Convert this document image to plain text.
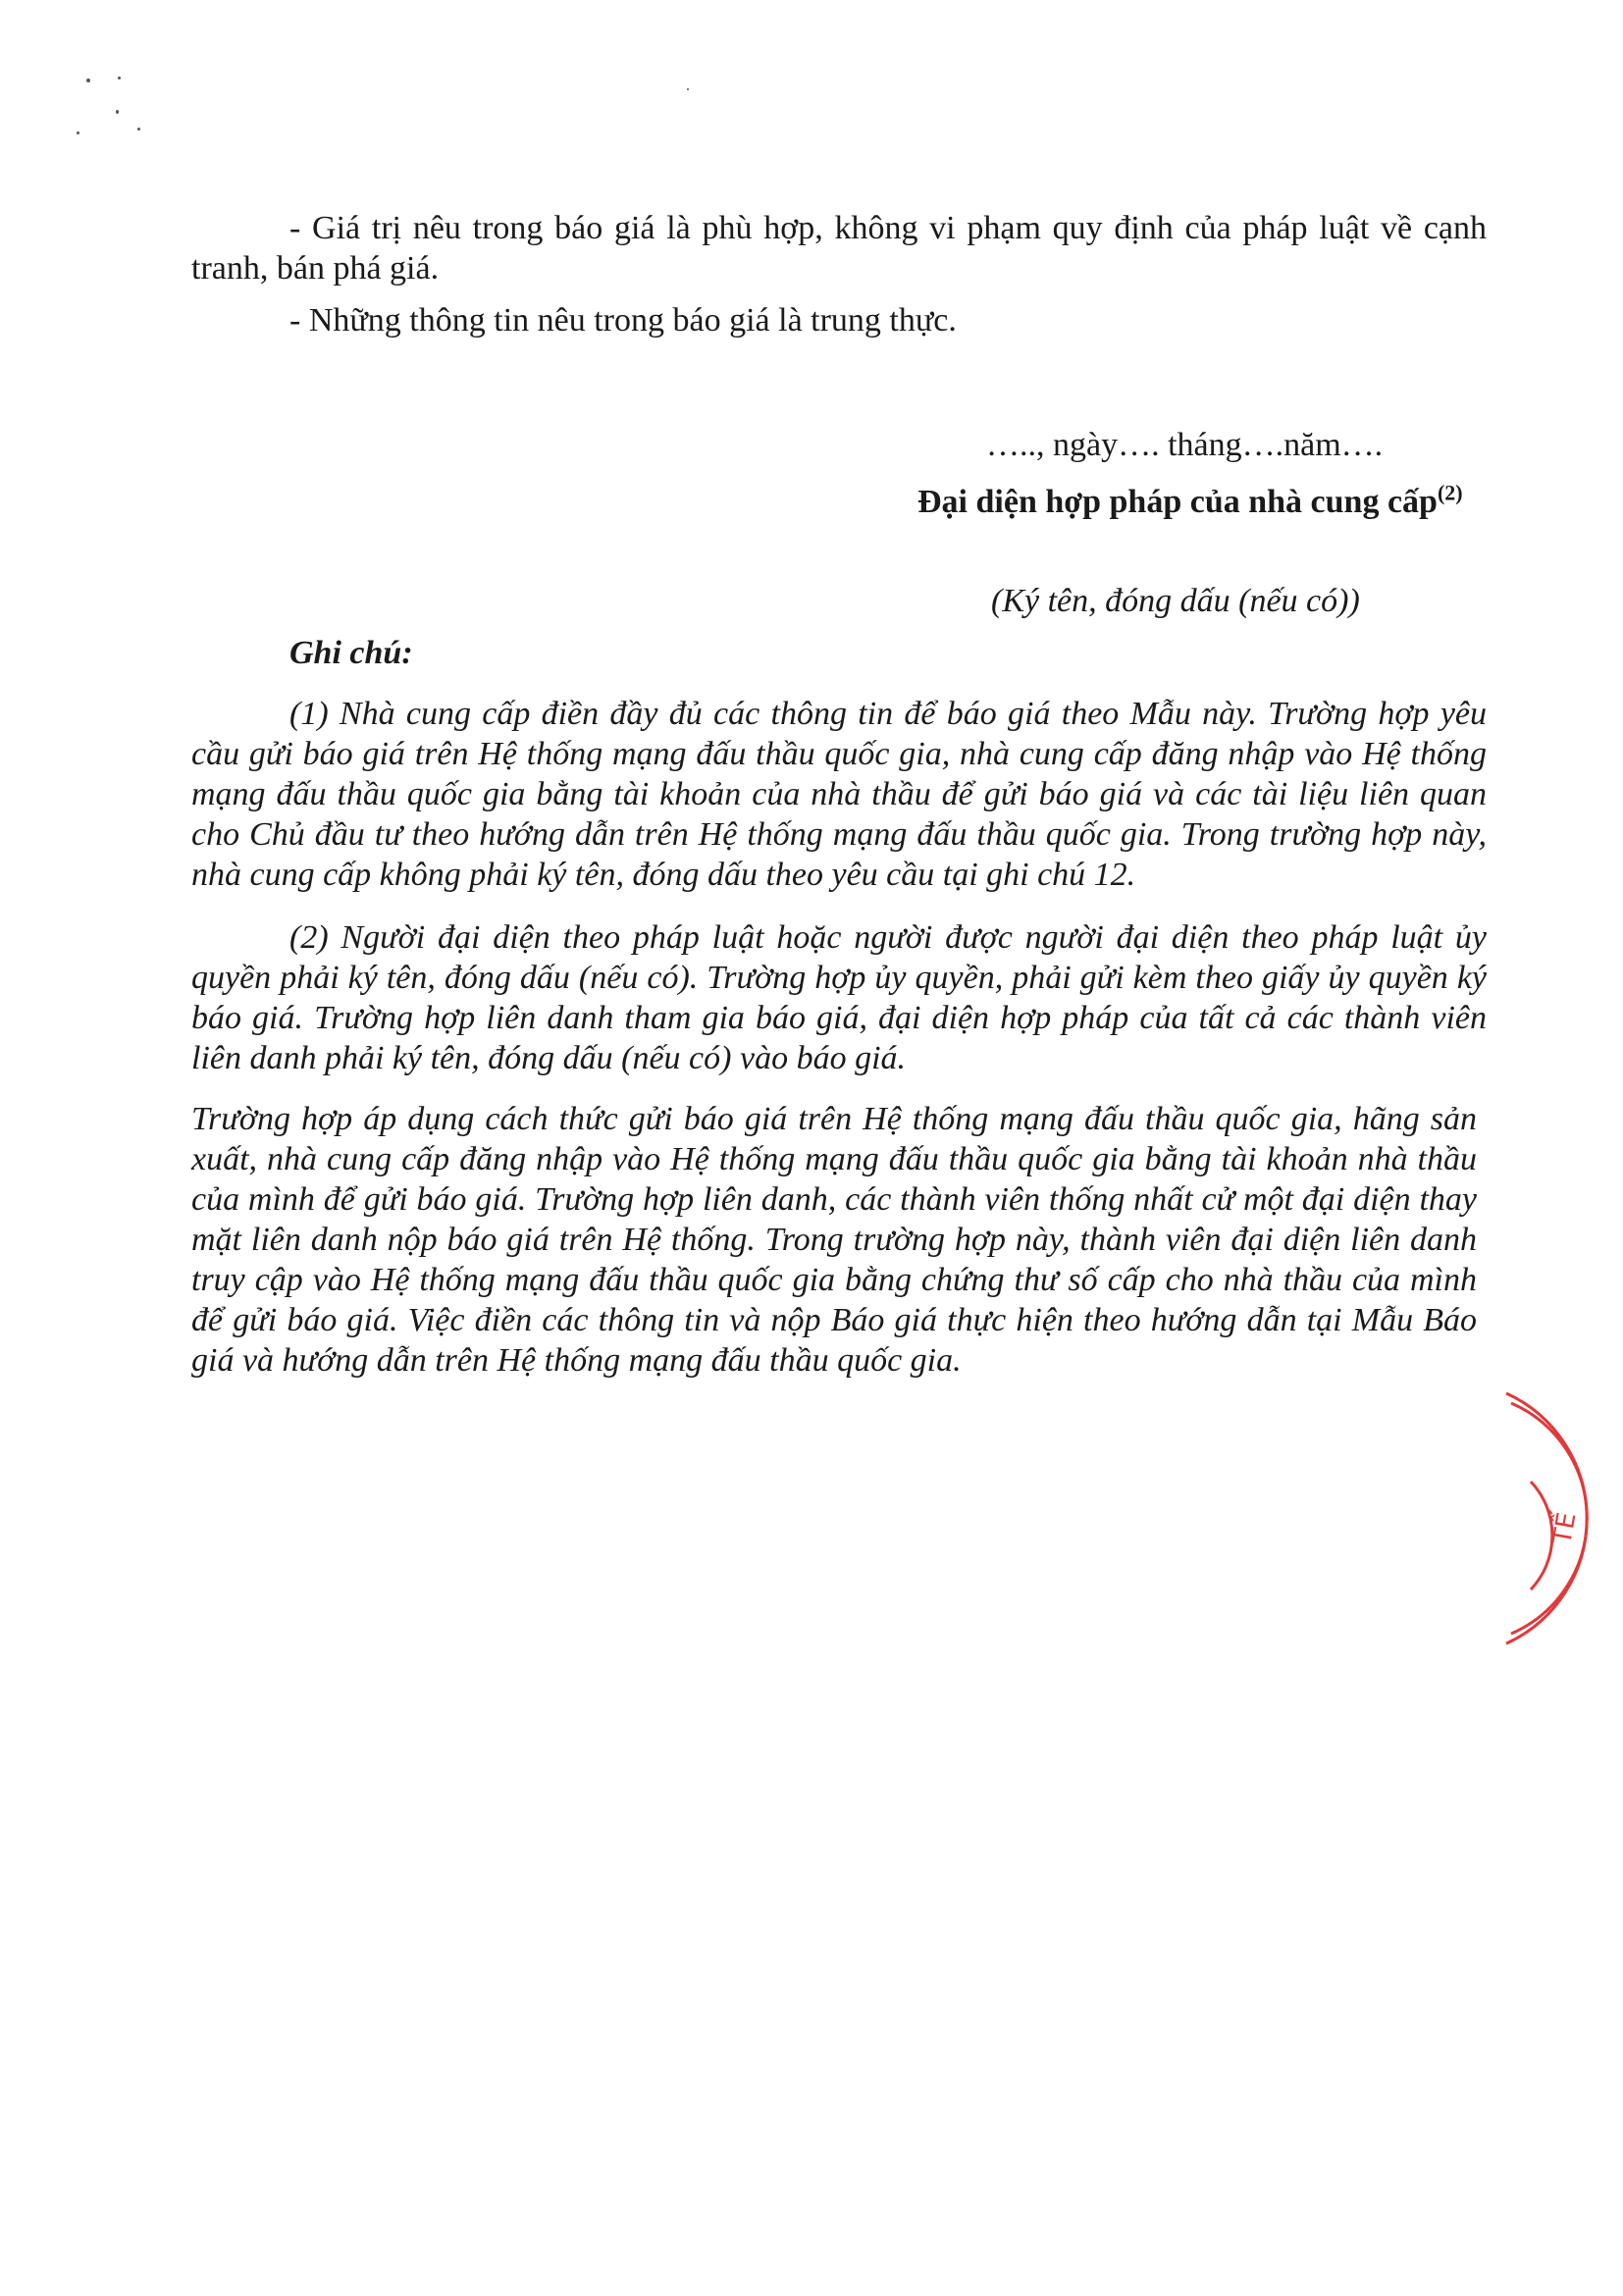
- Giá trị nêu trong báo giá là phù hợp, không vi phạm quy định của pháp luật về cạnh tranh, bán phá giá.

- Những thông tin nêu trong báo giá là trung thực.

….., ngày…. tháng….năm….
Đại diện hợp pháp của nhà cung cấp$^{(2)}$
(Ký tên, đóng dấu (nếu có))
Ghi chú:

(1) Nhà cung cấp điền đầy đủ các thông tin để báo giá theo Mẫu này. Trường hợp yêu cầu gửi báo giá trên Hệ thống mạng đấu thầu quốc gia, nhà cung cấp đăng nhập vào Hệ thống mạng đấu thầu quốc gia bằng tài khoản của nhà thầu để gửi báo giá và các tài liệu liên quan cho Chủ đầu tư theo hướng dẫn trên Hệ thống mạng đấu thầu quốc gia. Trong trường hợp này, nhà cung cấp không phải ký tên, đóng dấu theo yêu cầu tại ghi chú 12.

(2) Người đại diện theo pháp luật hoặc người được người đại diện theo pháp luật ủy quyền phải ký tên, đóng dấu (nếu có). Trường hợp ủy quyền, phải gửi kèm theo giấy ủy quyền ký báo giá. Trường hợp liên danh tham gia báo giá, đại diện hợp pháp của tất cả các thành viên liên danh phải ký tên, đóng dấu (nếu có) vào báo giá.

Trường hợp áp dụng cách thức gửi báo giá trên Hệ thống mạng đấu thầu quốc gia, hãng sản xuất, nhà cung cấp đăng nhập vào Hệ thống mạng đấu thầu quốc gia bằng tài khoản nhà thầu của mình để gửi báo giá. Trường hợp liên danh, các thành viên thống nhất cử một đại diện thay mặt liên danh nộp báo giá trên Hệ thống. Trong trường hợp này, thành viên đại diện liên danh truy cập vào Hệ thống mạng đấu thầu quốc gia bằng chứng thư số cấp cho nhà thầu của mình để gửi báo giá. Việc điền các thông tin và nộp Báo giá thực hiện theo hướng dẫn tại Mẫu Báo giá và hướng dẫn trên Hệ thống mạng đấu thầu quốc gia.

TẾ
